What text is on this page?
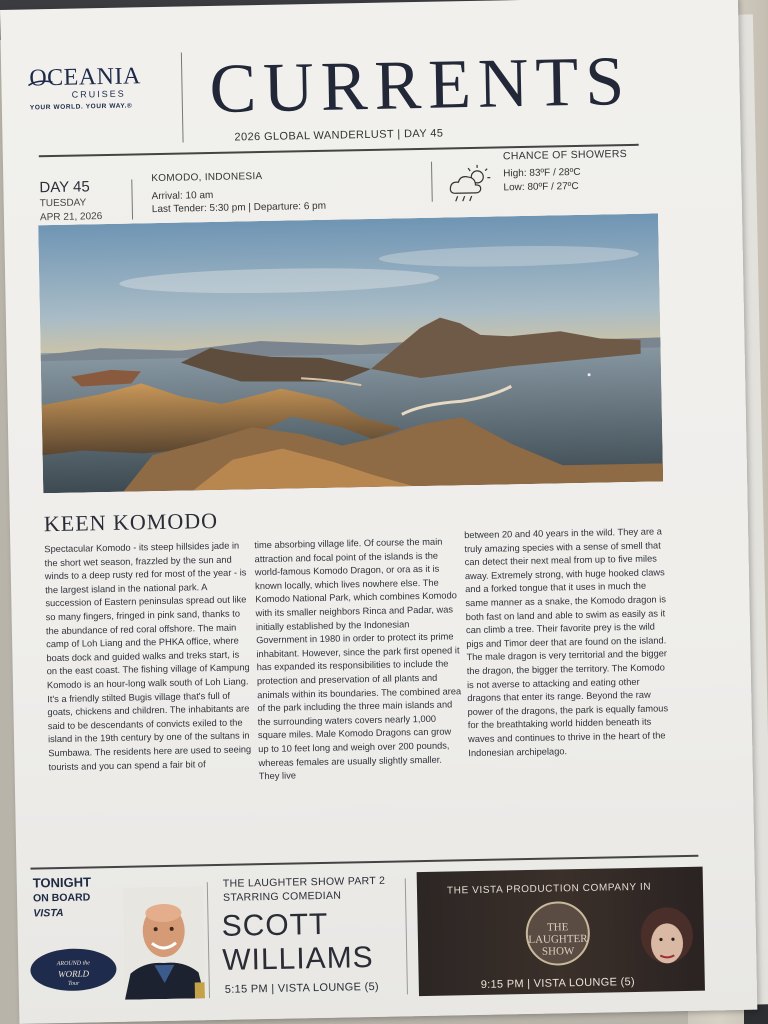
OCEANIA
CRUISES
YOUR WORLD. YOUR WAY.®	CURRENTS
2026 GLOBAL WANDERLUST | DAY 45
DAY 45
TUESDAY
APR 21, 2026
KOMODO, INDONESIA
Arrival: 10 am
Last Tender: 5:30 pm | Departure: 6 pm
CHANCE OF SHOWERS
High: 83ºF / 28ºC
Low: 80ºF / 27ºC
KEEN KOMODO
Spectacular Komodo - its steep hillsides jade in the short wet season, frazzled by the sun and winds to a deep rusty red for most of the year - is the largest island in the national park. A succession of Eastern peninsulas spread out like so many fingers, fringed in pink sand, thanks to the abundance of red coral offshore. The main camp of Loh Liang and the PHKA office, where boats dock and guided walks and treks start, is on the east coast. The fishing village of Kampung Komodo is an hour-long walk south of Loh Liang. It's a friendly stilted Bugis village that's full of goats, chickens and children. The inhabitants are said to be descendants of convicts exiled to the island in the 19th century by one of the sultans in Sumbawa. The residents here are used to seeing tourists and you can spend a fair bit of
time absorbing village life. Of course the main attraction and focal point of the islands is the world-famous Komodo Dragon, or ora as it is known locally, which lives nowhere else. The Komodo National Park, which combines Komodo with its smaller neighbors Rinca and Padar, was initially established by the Indonesian Government in 1980 in order to protect its prime inhabitant. However, since the park first opened it has expanded its responsibilities to include the protection and preservation of all plants and animals within its boundaries. The combined area of the park including the three main islands and the surrounding waters covers nearly 1,000 square miles. Male Komodo Dragons can grow up to 10 feet long and weigh over 200 pounds, whereas females are usually slightly smaller. They live
between 20 and 40 years in the wild. They are a truly amazing species with a sense of smell that can detect their next meal from up to five miles away. Extremely strong, with huge hooked claws and a forked tongue that it uses in much the same manner as a snake, the Komodo dragon is both fast on land and able to swim as easily as it can climb a tree. Their favorite prey is the wild pigs and Timor deer that are found on the island. The male dragon is very territorial and the bigger the dragon, the bigger the territory. The Komodo is not averse to attacking and eating other dragons that enter its range. Beyond the raw power of the dragons, the park is equally famous for the breathtaking world hidden beneath its waves and continues to thrive in the heart of the Indonesian archipelago.
TONIGHT
ON BOARD
VISTA
AROUND the
WORLD
Tour
THE LAUGHTER SHOW PART 2
STARRING COMEDIAN
SCOTT
WILLIAMS
5:15 PM | VISTA LOUNGE (5)
THE VISTA PRODUCTION COMPANY IN
THE
LAUGHTER
SHOW
9:15 PM | VISTA LOUNGE (5)
